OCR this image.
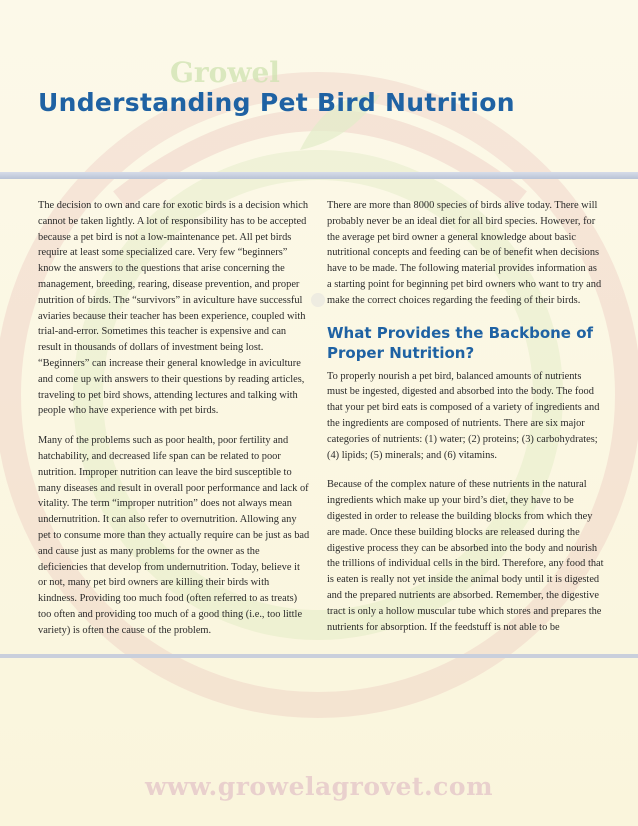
Growel
Understanding Pet Bird Nutrition

The decision to own and care for exotic birds is a decision which cannot be taken lightly. A lot of responsibility has to be accepted because a pet bird is not a low-maintenance pet. All pet birds require at least some specialized care. Very few “beginners” know the answers to the questions that arise concerning the management, breeding, rearing, disease prevention, and proper nutrition of birds. The “survivors” in aviculture have successful aviaries because their teacher has been experience, coupled with trial-and-error. Sometimes this teacher is expensive and can result in thousands of dollars of investment being lost. “Beginners” can increase their general knowledge in aviculture and come up with answers to their questions by reading articles, traveling to pet bird shows, attending lectures and talking with people who have experience with pet birds.

Many of the problems such as poor health, poor fertility and hatchability, and decreased life span can be related to poor nutrition. Improper nutrition can leave the bird susceptible to many diseases and result in overall poor performance and lack of vitality. The term “improper nutrition” does not always mean undernutrition. It can also refer to overnutrition. Allowing any pet to consume more than they actually require can be just as bad and cause just as many problems for the owner as the deficiencies that develop from undernutrition. Today, believe it or not, many pet bird owners are killing their birds with kindness. Providing too much food (often referred to as treats) too often and providing too much of a good thing (i.e., too little variety) is often the cause of the problem.

There are more than 8000 species of birds alive today. There will probably never be an ideal diet for all bird species. However, for the average pet bird owner a general knowledge about basic nutritional concepts and feeding can be of benefit when decisions have to be made. The following material provides information as a starting point for beginning pet bird owners who want to try and make the correct choices regarding the feeding of their birds.

What Provides the Backbone of Proper Nutrition?

To properly nourish a pet bird, balanced amounts of nutrients must be ingested, digested and absorbed into the body. The food that your pet bird eats is composed of a variety of ingredients and the ingredients are composed of nutrients. There are six major categories of nutrients: (1) water; (2) proteins; (3) carbohydrates; (4) lipids; (5) minerals; and (6) vitamins.

Because of the complex nature of these nutrients in the natural ingredients which make up your bird’s diet, they have to be digested in order to release the building blocks from which they are made. Once these building blocks are released during the digestive process they can be absorbed into the body and nourish the trillions of individual cells in the bird. Therefore, any food that is eaten is really not yet inside the animal body until it is digested and the prepared nutrients are absorbed. Remember, the digestive tract is only a hollow muscular tube which stores and prepares the nutrients for absorption. If the feedstuff is not able to be

www.growelagrovet.com
